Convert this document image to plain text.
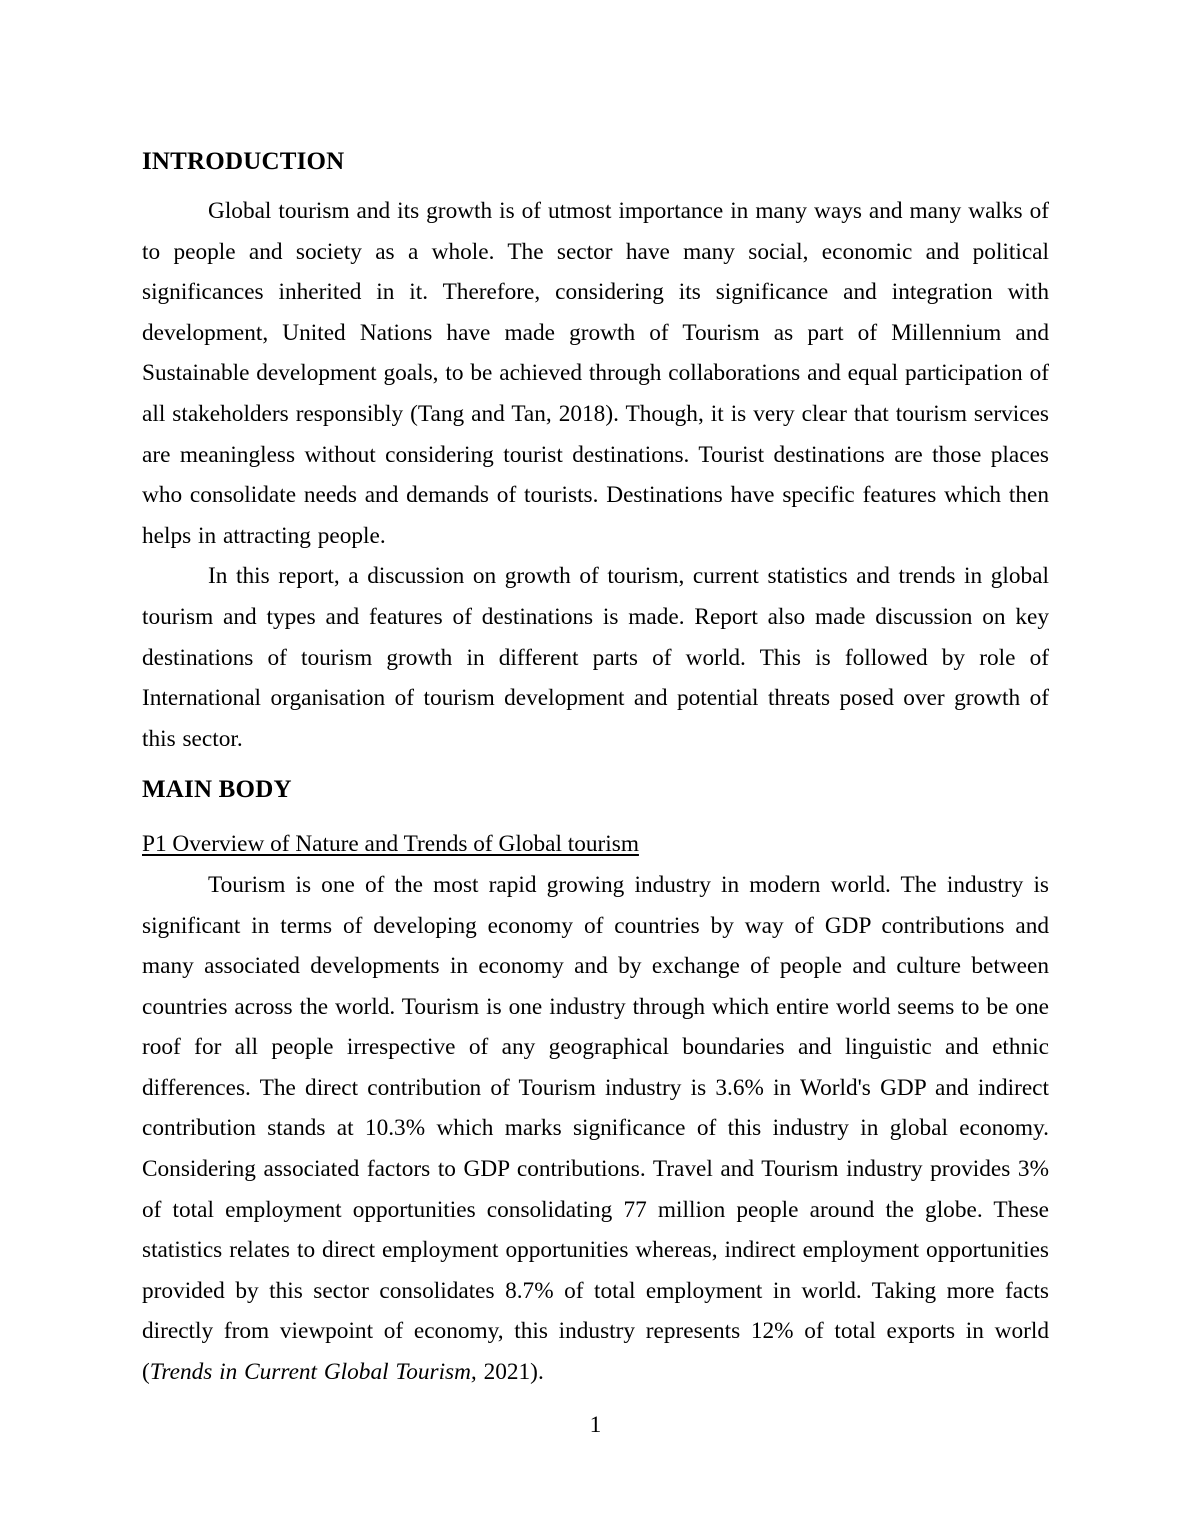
INTRODUCTION

Global tourism and its growth is of utmost importance in many ways and many walks of to people and society as a whole. The sector have many social, economic and political significances inherited in it. Therefore, considering its significance and integration with development, United Nations have made growth of Tourism as part of Millennium and Sustainable development goals, to be achieved through collaborations and equal participation of all stakeholders responsibly (Tang and Tan, 2018). Though, it is very clear that tourism services are meaningless without considering tourist destinations. Tourist destinations are those places who consolidate needs and demands of tourists. Destinations have specific features which then helps in attracting people.

In this report, a discussion on growth of tourism, current statistics and trends in global tourism and types and features of destinations is made. Report also made discussion on key destinations of tourism growth in different parts of world. This is followed by role of International organisation of tourism development and potential threats posed over growth of this sector.

MAIN BODY

P1 Overview of Nature and Trends of Global tourism

Tourism is one of the most rapid growing industry in modern world. The industry is significant in terms of developing economy of countries by way of GDP contributions and many associated developments in economy and by exchange of people and culture between countries across the world. Tourism is one industry through which entire world seems to be one roof for all people irrespective of any geographical boundaries and linguistic and ethnic differences. The direct contribution of Tourism industry is 3.6% in World's GDP and indirect contribution stands at 10.3% which marks significance of this industry in global economy. Considering associated factors to GDP contributions. Travel and Tourism industry provides 3% of total employment opportunities consolidating 77 million people around the globe. These statistics relates to direct employment opportunities whereas, indirect employment opportunities provided by this sector consolidates 8.7% of total employment in world. Taking more facts directly from viewpoint of economy, this industry represents 12% of total exports in world (Trends in Current Global Tourism, 2021).

1
